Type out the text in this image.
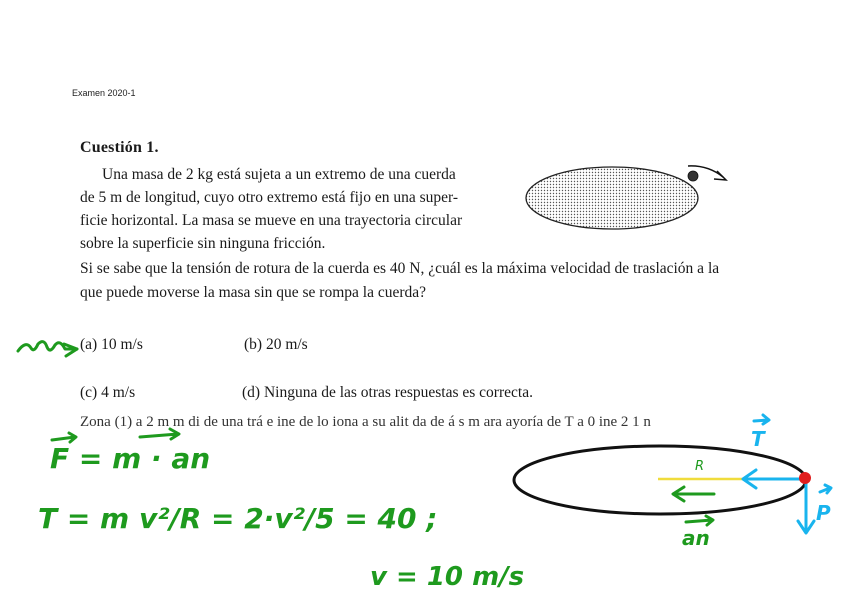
Examen 2020-1
Cuestión 1.
Una masa de 2 kg está sujeta a un extremo de una cuerda
de 5 m de longitud, cuyo otro extremo está fijo en una super-
ficie horizontal. La masa se mueve en una trayectoria circular
sobre la superficie sin ninguna fricción.
Si se sabe que la tensión de rotura de la cuerda es 40 N, ¿cuál es la máxima velocidad de traslación a la
que puede moverse la masa sin que se rompa la cuerda?
(a) 10 m/s	(b) 20 m/s
(c) 4 m/s	(d) Ninguna de las otras respuestas es correcta.
Zona (1) a 2 m m di de una trá e ine de lo iona a su alit da de á s m ara ayoría de T a 0 ine 2 1 n
F = m · an
T = m v²/R = 2·v²/5 = 40 ;
v = 10 m/s
R
T
P
an
